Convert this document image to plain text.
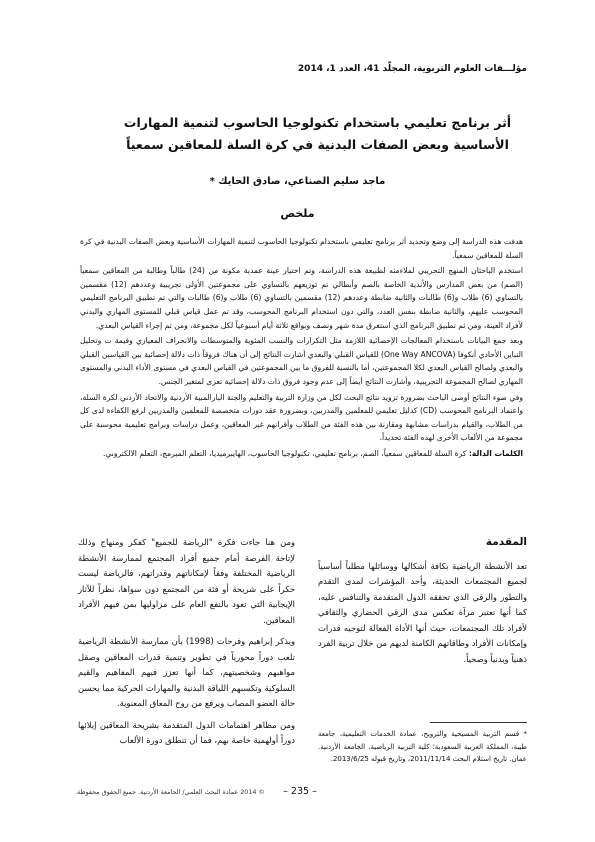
مؤلـــفات العلوم التربوية، المجلّد 41، العدد 1، 2014
أثر برنامج تعليمي باستخدام تكنولوجيا الحاسوب لتنمية المهارات الأساسية وبعض الصفات البدنية في كرة السلة للمعاقين سمعياً
ماجد سليم الصناعي، صادق الحايك *
ملخص

هدفت هذه الدراسة إلى وضع وتحديد أثر برنامج تعليمي باستخدام تكنولوجيا الحاسوب لتنمية المهارات الأساسية وبعض الصفات البدنية في كرة السلة للمعاقين سمعياً.

استخدم الباحثان المنهج التجريبي لملاءمته لطبيعة هذه الدراسة، وتم اختيار عينة عمدية مكونة من (24) طالباً وطالبة من المعاقين سمعياً (الصم) من بعض المدارس والأندية الخاصة بالصم وأبطالي تم توزيعهم بالتساوي على مجموعتين الأولى تجريبية وعددهم (12) مقسمين بالتساوي (6) طلاب و(6) طالبات والثانية ضابطة وعددهم (12) مقسمين بالتساوي (6) طلاب و(6) طالبات والتي تم تطبيق البرنامج التعليمي المحوسب عليهم، والثانية ضابطة بنفس العدد، والتي دون استخدام البرنامج المحوسب، وقد تم عمل قياس قبلي للمستوى المهاري والبدني لأفراد العينة، ومن ثم تطبيق البرنامج الذي استغرق مدة شهر ونصف وبواقع ثلاثة أيام أسبوعياً لكل مجموعة، ومن ثم إجراء القياس البعدي.

وبعد جمع البيانات باستخدام المعالجات الإحصائية اللازمة مثل التكرارات والنسب المئوية والمتوسطات والانحراف المعياري وقيمة ت وتحليل التباين الأحادي أنكوفا (One Way ANCOVA) للقياس القبلي والبعدي أشارت النتائج إلى أن هناك فروقاً ذات دلالة إحصائية بين القياسين القبلي والبعدي ولصالح القياس البعدي لكلا المجموعتين، أما بالنسبة للفروق ما بين المجموعتين في القياس البعدي في مستوى الأداء البدني والمستوى المهاري لصالح المجموعة التجريبية، وأشارت النتائج أيضاً إلى عدم وجود فروق ذات دلالة إحصائية تعزى لمتغير الجنس.

وفي ضوء النتائج أوصى الباحث بضرورة تزويد نتائج البحث لكل من وزارة التربية والتعليم والجنة البارالمبية الأردنية والاتحاد الأردني لكرة السلة، واعتماد البرنامج المحوسب (CD) كدليل تعليمي للمعلمين والمدربين، وبضرورة عقد دورات متخصصة للمعلمين والمدربين لرفع الكفاءة لدى كل من الطلاب، والقيام بدراسات مشابهة ومقارنة بين هذه الفئة من الطلاب وأقرانهم غير المعاقين، وعمل دراسات وبرامج تعليمية محوسبة على مجموعة من الألعاب الأخرى لهذه الفئة تحديداً.

الكلمات الدالة: كرة السلة للمعاقين سمعياً، الصم، برنامج تعليمي، تكنولوجيا الحاسوب، الهايبرميديا، التعلم المبرمج، التعلم الالكتروني.

المقدمة

تعد الأنشطة الرياضية بكافة أشكالها ووسائلها مطلباً أساسياً لجميع المجتمعات الحديثة، وأحد المؤشرات لمدى التقدم والتطور والرقي الذي تحققه الدول المتقدمة والتنافس عليه، كما أنها تعتبر مرآة تعكس مدى الرقي الحضاري والثقافي لأفراد تلك المجتمعات، حيث أنها الأداة الفعالة لتوجيه قدرات وإمكانات الأفراد وطاقاتهم الكامنة لديهم من خلال تربية الفرد ذهنياً وبدنياً وصحياً.

ومن هنا جاءت فكرة "الرياضة للجميع" كفكر ومنهاج وذلك لإتاحة الفرصة أمام جميع أفراد المجتمع لممارسة الأنشطة الرياضية المختلفة وفقاً لإمكاناتهم وقدراتهم، فالرياضة ليست حكراً على شريحة أو فئة من المجتمع دون سواها، نظراً للآثار الإيجابية التي تعود بالنفع العام على مزاوليها بمن فيهم الأفراد المعاقين.

ويذكر إبراهيم وفرحات (1998) بأن ممارسة الأنشطة الرياضية تلعب دوراً محورياً في تطوير وتنمية قدرات المعاقين وصقل مواهبهم وشخصيتهم، كما أنها تعزز فيهم المفاهيم والقيم السلوكية وتكسبهم اللياقة البدنية والمهارات الحركية مما يحسن حالة العضو المصاب ويرفع من روح المعاق المعنوية.

ومن مظاهر اهتمامات الدول المتقدمة بشريحة المعاقين إيلائها دوراً أولهمية خاصة بهم، فما أن تنطلق دورة الألعاب

* قسم التربية المسيحية والترويح، عمادة الخدمات التعليمية، جامعة طيبة، المملكة العربية السعودية؛ كلية التربية الرياضية، الجامعة الأردنية. عمان. تاريخ استلام البحث 2011/11/14، وتاريخ قبوله 2013/6/25.
– 235 –
© 2014 عمادة البحث العلمي/ الجامعة الأردنية. جميع الحقوق محفوظة.
